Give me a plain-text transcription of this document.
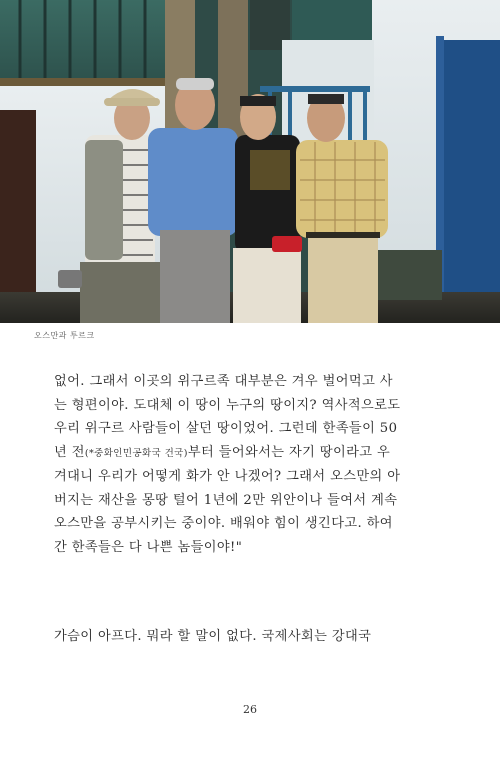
오스만과 투르크

없어. 그래서 이곳의 위구르족 대부분은 겨우 벌어먹고 사

는 형편이야. 도대체 이 땅이 누구의 땅이지? 역사적으로도

우리 위구르 사람들이 살던 땅이었어. 그런데 한족들이 50

년 전(*중화인민공화국 건국)부터 들어와서는 자기 땅이라고 우

겨대니 우리가 어떻게 화가 안 나겠어? 그래서 오스만의 아

버지는 재산을 몽땅 털어 1년에 2만 위안이나 들여서 계속

오스만을 공부시키는 중이야. 배워야 힘이 생긴다고. 하여

간 한족들은 다 나쁜 놈들이야!"

가슴이 아프다. 뭐라 할 말이 없다. 국제사회는 강대국
26
